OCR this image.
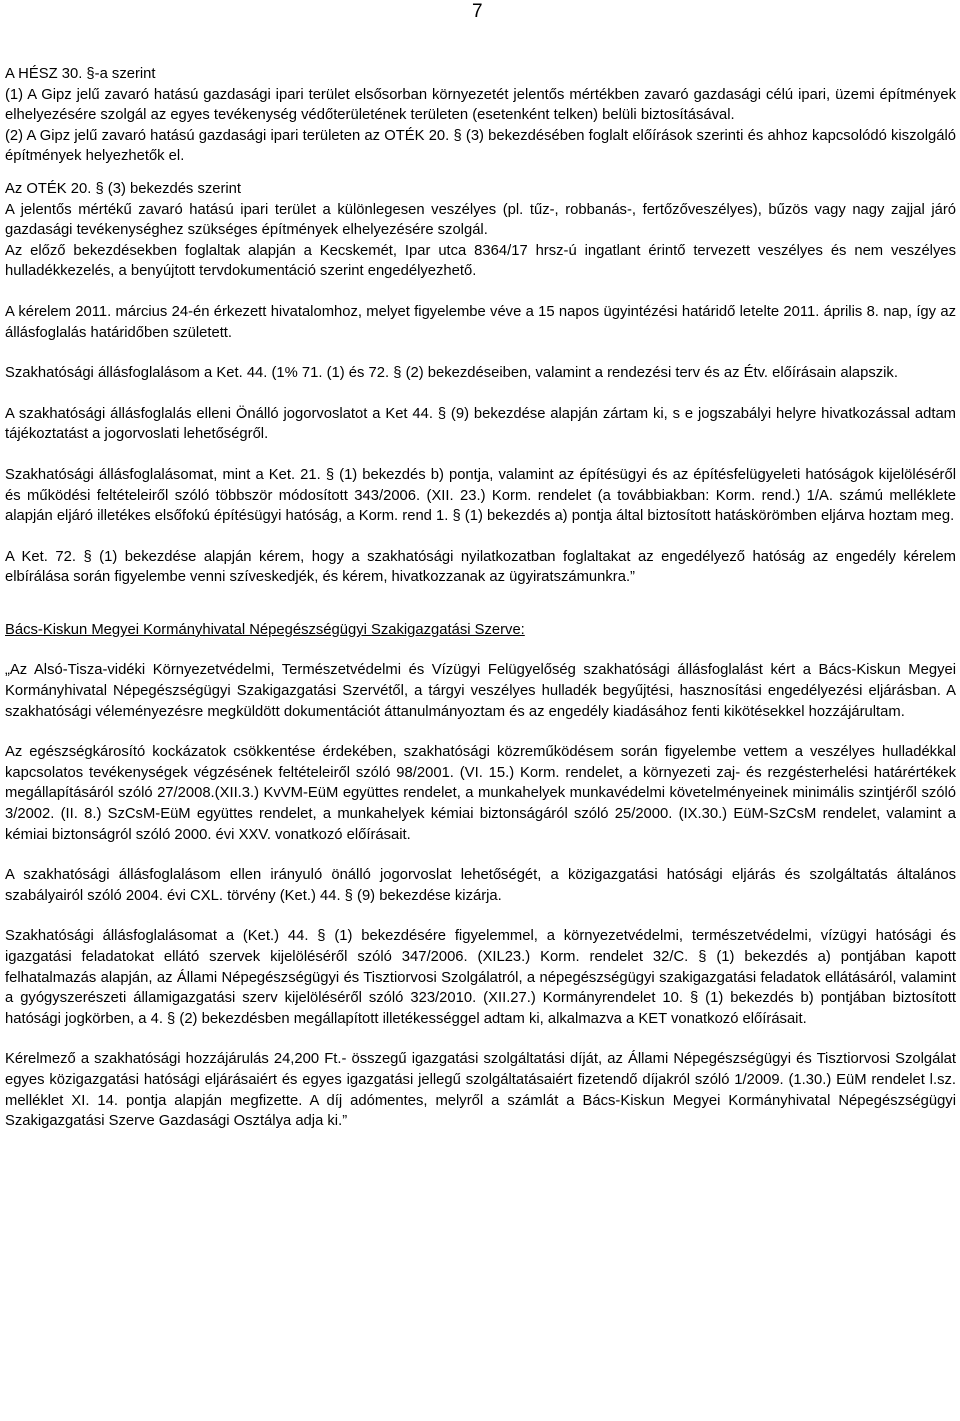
7

A HÉSZ 30. §-a szerint

(1) A Gipz jelű zavaró hatású gazdasági ipari terület elsősorban környezetét jelentős mértékben zavaró gazdasági célú ipari, üzemi építmények elhelyezésére szolgál az egyes tevékenység védőterületének területen (esetenként telken) belüli biztosításával.

(2) A Gipz jelű zavaró hatású gazdasági ipari területen az OTÉK 20. § (3) bekezdésében foglalt előírások szerinti és ahhoz kapcsolódó kiszolgáló építmények helyezhetők el.

Az OTÉK 20. § (3) bekezdés szerint

A jelentős mértékű zavaró hatású ipari terület a különlegesen veszélyes (pl. tűz-, robbanás-, fertőzőveszélyes), bűzös vagy nagy zajjal járó gazdasági tevékenységhez szükséges építmények elhelyezésére szolgál.

Az előző bekezdésekben foglaltak alapján a Kecskemét, Ipar utca 8364/17 hrsz-ú ingatlant érintő tervezett veszélyes és nem veszélyes hulladékkezelés, a benyújtott tervdokumentáció szerint engedélyezhető.

A kérelem 2011. március 24-én érkezett hivatalomhoz, melyet figyelembe véve a 15 napos ügyintézési határidő letelte 2011. április 8. nap, így az állásfoglalás határidőben született.

Szakhatósági állásfoglalásom a Ket. 44. (1% 71. (1) és 72. § (2) bekezdéseiben, valamint a rendezési terv és az Étv. előírásain alapszik.

A szakhatósági állásfoglalás elleni Önálló jogorvoslatot a Ket 44. § (9) bekezdése alapján zártam ki, s e jogszabályi helyre hivatkozással adtam tájékoztatást a jogorvoslati lehetőségről.

Szakhatósági állásfoglalásomat, mint a Ket. 21. § (1) bekezdés b) pontja, valamint az építésügyi és az építésfelügyeleti hatóságok kijelöléséről és működési feltételeiről szóló többször módosított 343/2006. (XII. 23.) Korm. rendelet (a továbbiakban: Korm. rend.) 1/A. számú melléklete alapján eljáró illetékes elsőfokú építésügyi hatóság, a Korm. rend 1. § (1) bekezdés a) pontja által biztosított hatáskörömben eljárva hoztam meg.

A Ket. 72. § (1) bekezdése alapján kérem, hogy a szakhatósági nyilatkozatban foglaltakat az engedélyező hatóság az engedély kérelem elbírálása során figyelembe venni szíveskedjék, és kérem, hivatkozzanak az ügyiratszámunkra.”

Bács-Kiskun Megyei Kormányhivatal Népegészségügyi Szakigazgatási Szerve:

„Az Alsó-Tisza-vidéki Környezetvédelmi, Természetvédelmi és Vízügyi Felügyelőség szakhatósági állásfoglalást kért a Bács-Kiskun Megyei Kormányhivatal Népegészségügyi Szakigazgatási Szervétől, a tárgyi veszélyes hulladék begyűjtési, hasznosítási engedélyezési eljárásban. A szakhatósági véleményezésre megküldött dokumentációt áttanulmányoztam és az engedély kiadásához fenti kikötésekkel hozzájárultam.

Az egészségkárosító kockázatok csökkentése érdekében, szakhatósági közreműködésem során figyelembe vettem a veszélyes hulladékkal kapcsolatos tevékenységek végzésének feltételeiről szóló 98/2001. (VI. 15.) Korm. rendelet, a környezeti zaj- és rezgésterhelési határértékek megállapításáról szóló 27/2008.(XII.3.) KvVM-EüM együttes rendelet, a munkahelyek munkavédelmi követelményeinek minimális szintjéről szóló 3/2002. (II. 8.) SzCsM-EüM együttes rendelet, a munkahelyek kémiai biztonságáról szóló 25/2000. (IX.30.) EüM-SzCsM rendelet, valamint a kémiai biztonságról szóló 2000. évi XXV. vonatkozó előírásait.

A szakhatósági állásfoglalásom ellen irányuló önálló jogorvoslat lehetőségét, a közigazgatási hatósági eljárás és szolgáltatás általános szabályairól szóló 2004. évi CXL. törvény (Ket.) 44. § (9) bekezdése kizárja.

Szakhatósági állásfoglalásomat a (Ket.) 44. § (1) bekezdésére figyelemmel, a környezetvédelmi, természetvédelmi, vízügyi hatósági és igazgatási feladatokat ellátó szervek kijelöléséről szóló 347/2006. (XIL23.) Korm. rendelet 32/C. § (1) bekezdés a) pontjában kapott felhatalmazás alapján, az Állami Népegészségügyi és Tisztiorvosi Szolgálatról, a népegészségügyi szakigazgatási feladatok ellátásáról, valamint a gyógyszerészeti államigazgatási szerv kijelöléséről szóló 323/2010. (XII.27.) Kormányrendelet 10. § (1) bekezdés b) pontjában biztosított hatósági jogkörben, a 4. § (2) bekezdésben megállapított illetékességgel adtam ki, alkalmazva a KET vonatkozó előírásait.

Kérelmező a szakhatósági hozzájárulás 24,200 Ft.- összegű igazgatási szolgáltatási díját, az Állami Népegészségügyi és Tisztiorvosi Szolgálat egyes közigazgatási hatósági eljárásaiért és egyes igazgatási jellegű szolgáltatásaiért fizetendő díjakról szóló 1/2009. (1.30.) EüM rendelet l.sz. melléklet XI. 14. pontja alapján megfizette. A díj adómentes, melyről a számlát a Bács-Kiskun Megyei Kormányhivatal Népegészségügyi Szakigazgatási Szerve Gazdasági Osztálya adja ki.”
